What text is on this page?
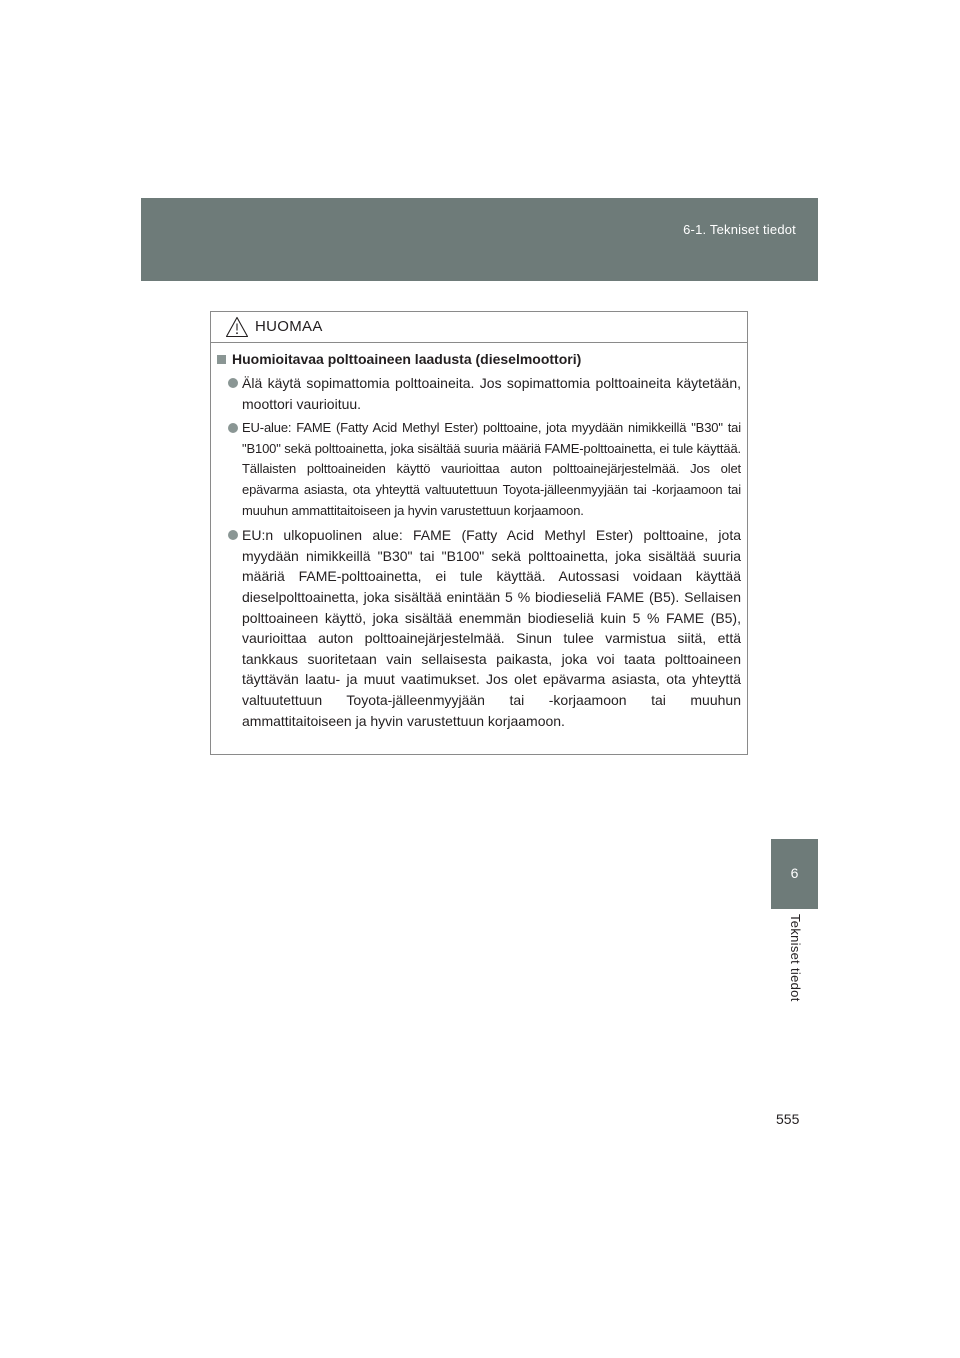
6-1. Tekniset tiedot
6
Tekniset tiedot
HUOMAA
Huomioitavaa polttoaineen laadusta (dieselmoottori)
Älä käytä sopimattomia polttoaineita. Jos sopimattomia polttoaineita käytetään, moottori vaurioituu.
EU-alue: FAME (Fatty Acid Methyl Ester) polttoaine, jota myydään nimikkeillä "B30" tai "B100" sekä polttoainetta, joka sisältää suuria määriä FAME-polttoainetta, ei tule käyttää. Tällaisten polttoaineiden käyttö vaurioittaa auton polttoainejärjestelmää. Jos olet epävarma asiasta, ota yhteyttä valtuutettuun Toyota-jälleenmyyjään tai -korjaamoon tai muuhun ammattitaitoiseen ja hyvin varustettuun korjaamoon.
EU:n ulkopuolinen alue: FAME (Fatty Acid Methyl Ester) polttoaine, jota myydään nimikkeillä "B30" tai "B100" sekä polttoainetta, joka sisältää suuria määriä FAME-polttoainetta, ei tule käyttää. Autossasi voidaan käyttää dieselpolttoainetta, joka sisältää enintään 5 % biodieseliä FAME (B5). Sellaisen polttoaineen käyttö, joka sisältää enemmän biodieseliä kuin 5 % FAME (B5), vaurioittaa auton polttoainejärjestelmää. Sinun tulee varmistua siitä, että tankkaus suoritetaan vain sellaisesta paikasta, joka voi taata polttoaineen täyttävän laatu- ja muut vaatimukset. Jos olet epävarma asiasta, ota yhteyttä valtuutettuun Toyota-jälleenmyyjään tai -korjaamoon tai muuhun ammattitaitoiseen ja hyvin varustettuun korjaamoon.
555
